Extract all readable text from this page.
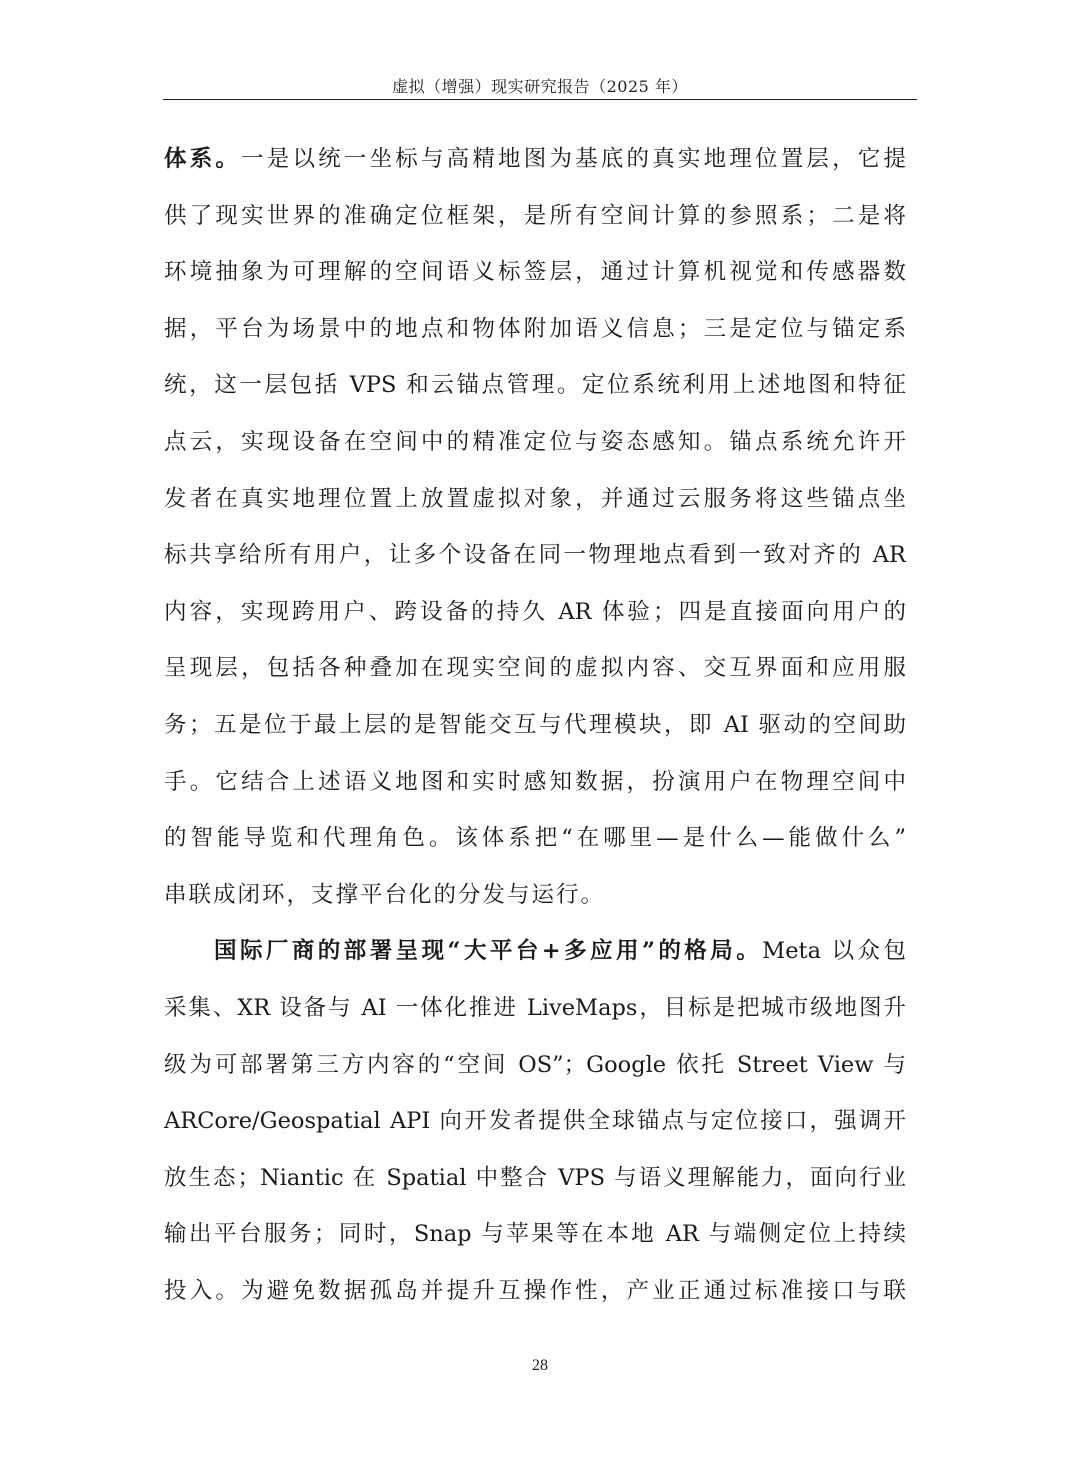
虚拟（增强）现实研究报告（2025 年）
体系。一是以统一坐标与高精地图为基底的真实地理位置层，它提
供了现实世界的准确定位框架，是所有空间计算的参照系；二是将
环境抽象为可理解的空间语义标签层，通过计算机视觉和传感器数
据，平台为场景中的地点和物体附加语义信息；三是定位与锚定系
统，这一层包括 VPS 和云锚点管理。定位系统利用上述地图和特征
点云，实现设备在空间中的精准定位与姿态感知。锚点系统允许开
发者在真实地理位置上放置虚拟对象，并通过云服务将这些锚点坐
标共享给所有用户，让多个设备在同一物理地点看到一致对齐的 AR
内容，实现跨用户、跨设备的持久 AR 体验；四是直接面向用户的
呈现层，包括各种叠加在现实空间的虚拟内容、交互界面和应用服
务；五是位于最上层的是智能交互与代理模块，即 AI 驱动的空间助
手。它结合上述语义地图和实时感知数据，扮演用户在物理空间中
的智能导览和代理角色。该体系把“在哪里—是什么—能做什么”
串联成闭环，支撑平台化的分发与运行。
国际厂商的部署呈现“大平台+多应用”的格局。Meta 以众包
采集、XR 设备与 AI 一体化推进 LiveMaps，目标是把城市级地图升
级为可部署第三方内容的“空间 OS”；Google 依托 Street View 与
ARCore/Geospatial API 向开发者提供全球锚点与定位接口，强调开
放生态；Niantic 在 Spatial 中整合 VPS 与语义理解能力，面向行业
输出平台服务；同时，Snap 与苹果等在本地 AR 与端侧定位上持续
投入。为避免数据孤岛并提升互操作性，产业正通过标准接口与联
28
